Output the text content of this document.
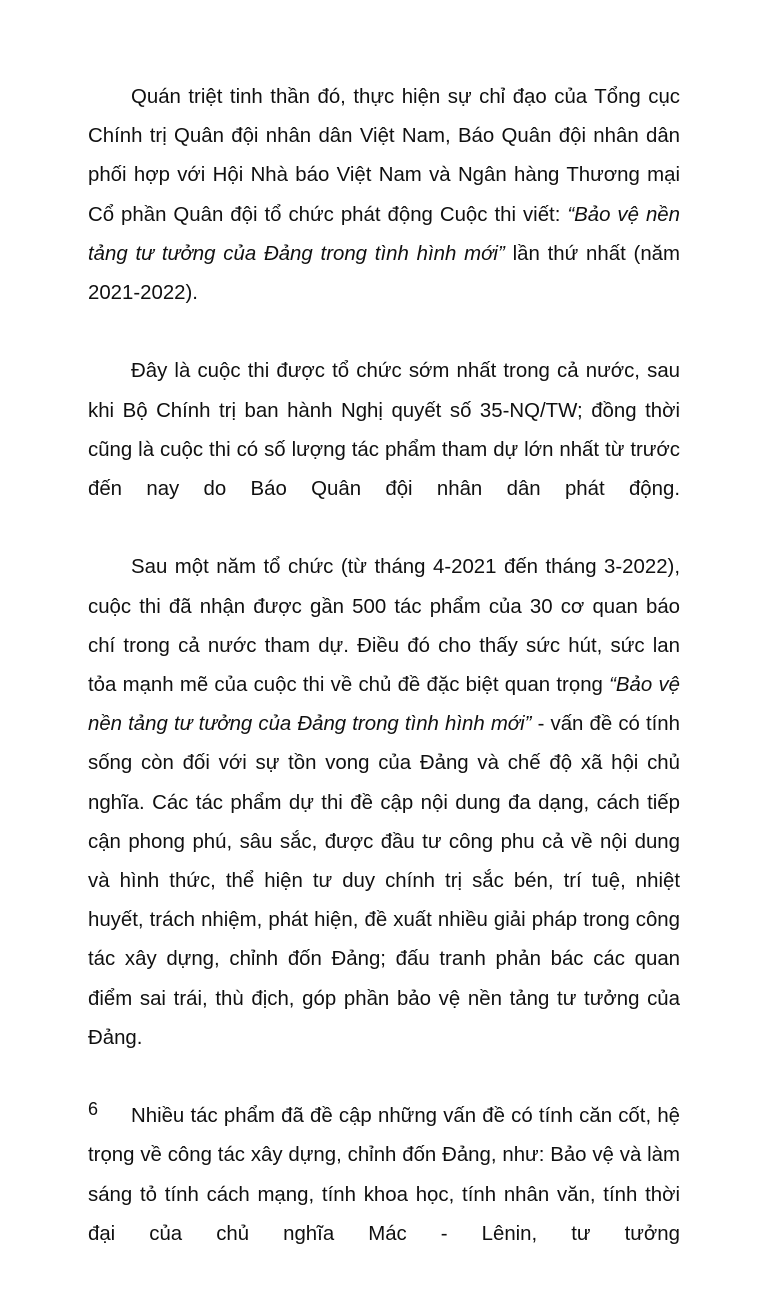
Quán triệt tinh thần đó, thực hiện sự chỉ đạo của Tổng cục Chính trị Quân đội nhân dân Việt Nam, Báo Quân đội nhân dân phối hợp với Hội Nhà báo Việt Nam và Ngân hàng Thương mại Cổ phần Quân đội tổ chức phát động Cuộc thi viết: “Bảo vệ nền tảng tư tưởng của Đảng trong tình hình mới” lần thứ nhất (năm 2021-2022).

Đây là cuộc thi được tổ chức sớm nhất trong cả nước, sau khi Bộ Chính trị ban hành Nghị quyết số 35-NQ/TW; đồng thời cũng là cuộc thi có số lượng tác phẩm tham dự lớn nhất từ trước đến nay do Báo Quân đội nhân dân phát động.

Sau một năm tổ chức (từ tháng 4-2021 đến tháng 3-2022), cuộc thi đã nhận được gần 500 tác phẩm của 30 cơ quan báo chí trong cả nước tham dự. Điều đó cho thấy sức hút, sức lan tỏa mạnh mẽ của cuộc thi về chủ đề đặc biệt quan trọng “Bảo vệ nền tảng tư tưởng của Đảng trong tình hình mới” - vấn đề có tính sống còn đối với sự tồn vong của Đảng và chế độ xã hội chủ nghĩa. Các tác phẩm dự thi đề cập nội dung đa dạng, cách tiếp cận phong phú, sâu sắc, được đầu tư công phu cả về nội dung và hình thức, thể hiện tư duy chính trị sắc bén, trí tuệ, nhiệt huyết, trách nhiệm, phát hiện, đề xuất nhiều giải pháp trong công tác xây dựng, chỉnh đốn Đảng; đấu tranh phản bác các quan điểm sai trái, thù địch, góp phần bảo vệ nền tảng tư tưởng của Đảng.

Nhiều tác phẩm đã đề cập những vấn đề có tính căn cốt, hệ trọng về công tác xây dựng, chỉnh đốn Đảng, như: Bảo vệ và làm sáng tỏ tính cách mạng, tính khoa học, tính nhân văn, tính thời đại của chủ nghĩa Mác - Lênin, tư tưởng

6
